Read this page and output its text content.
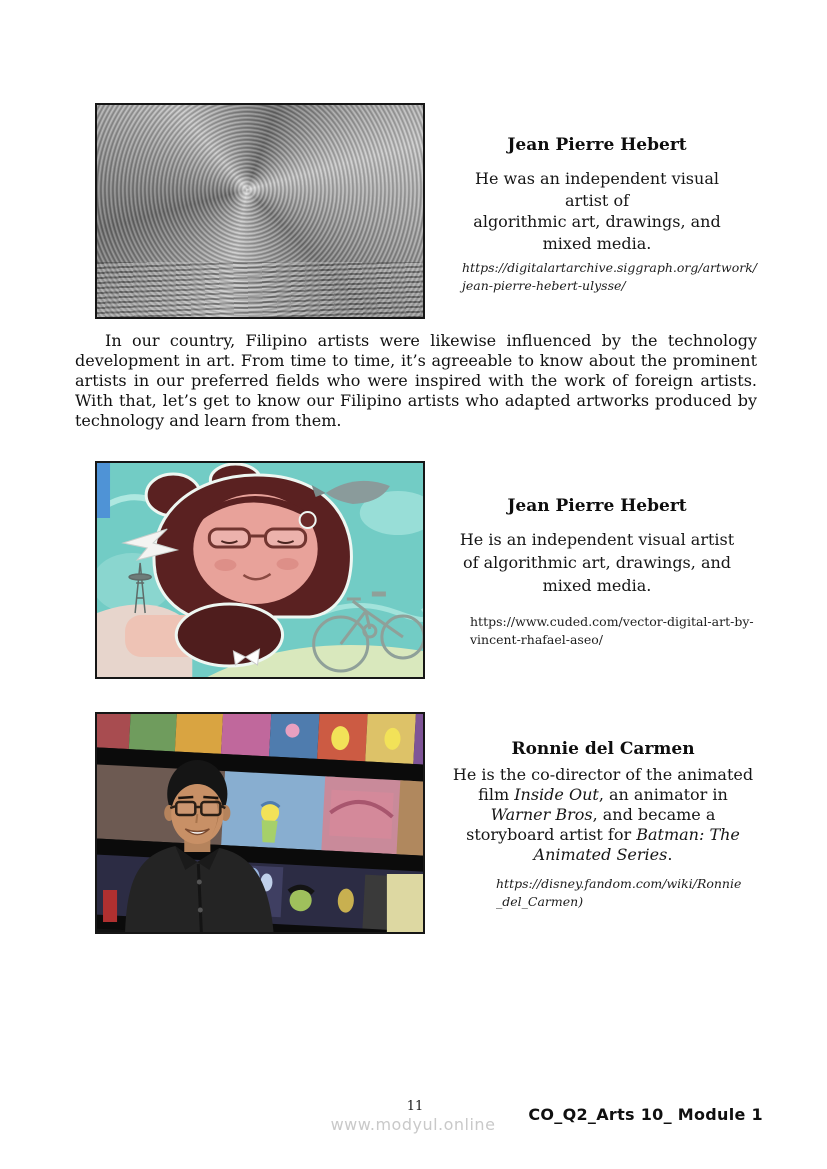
Jean Pierre Hebert
He was an independent visual
artist of
algorithmic art, drawings, and
mixed media.
https://digitalartarchive.siggraph.org/artwork/
jean-pierre-hebert-ulysse/

In our country, Filipino artists were likewise influenced by the technology development in art. From time to time, it’s agreeable to know about the prominent artists in our preferred fields who were inspired with the work of foreign artists. With that, let’s get to know our Filipino artists who adapted artworks produced by technology and learn from them.

Jean Pierre Hebert
He is an independent visual artist
of algorithmic art, drawings, and
mixed media.
https://www.cuded.com/vector-digital-art-by-
vincent-rhafael-aseo/
Ronnie del Carmen
He is the co-director of the animated
film Inside Out, an animator in
Warner Bros, and became a
storyboard artist for Batman: The
Animated Series.
https://disney.fandom.com/wiki/Ronnie
_del_Carmen)
11
www.modyul.online
CO_Q2_Arts 10_ Module 1
